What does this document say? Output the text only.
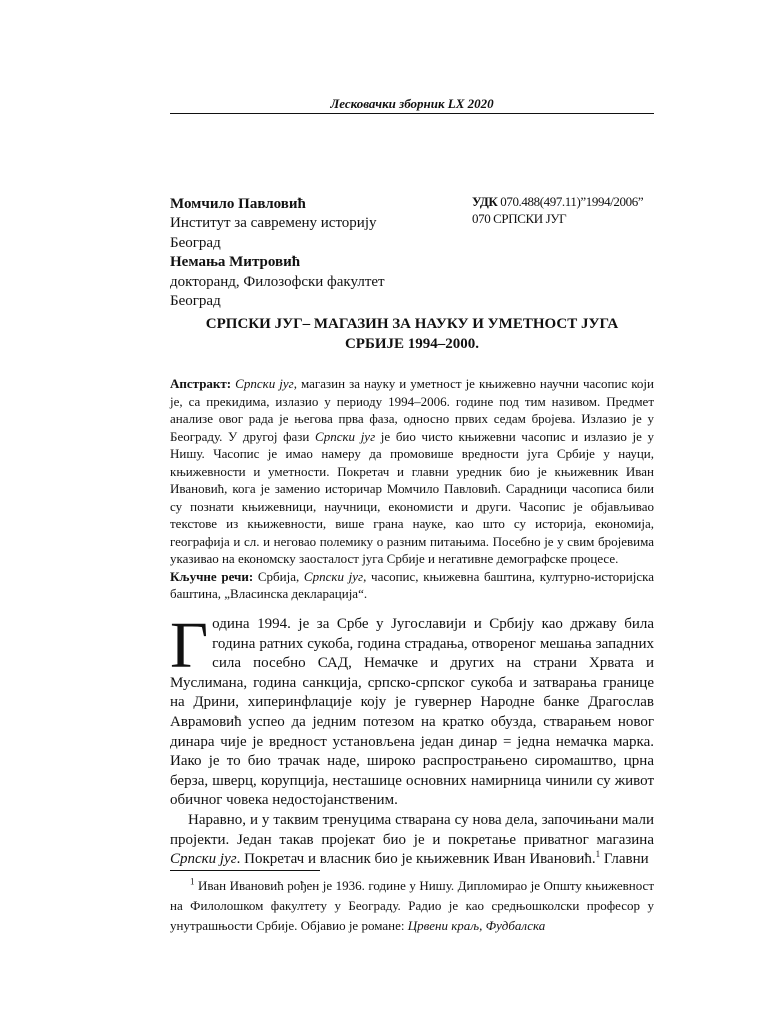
Лесковачки зборник LX 2020
Момчило Павловић
Институт за савремену историју
Београд
Немања Митровић
докторанд, Филозофски факултет
Београд
УДК 070.488(497.11)”1994/2006”
070 СРПСКИ ЈУГ
СРПСКИ ЈУГ– МАГАЗИН ЗА НАУКУ И УМЕТНОСТ ЈУГА
СРБИЈЕ 1994–2000.

Апстракт: Српски југ, магазин за науку и уметност је књижевно научни часопис који је, са прекидима, излазио у периоду 1994–2006. године под тим називом. Предмет анализе овог рада је његова прва фаза, односно првих седам бројева. Излазио је у Београду. У другој фази Српски југ је био чисто књижевни часопис и излазио је у Нишу. Часопис је имао намеру да промовише вредности југа Србије у науци, књижевности и уметности. Покретач и главни уредник био је књижевник Иван Ивановић, кога је заменио историчар Момчило Павловић. Сарадници часописа били су познати књижевници, научници, економисти и други. Часопис је објављивао текстове из књижевности, више грана науке, као што су историја, економија, географија и сл. и неговао полемику о разним питањима. Посебно је у свим бројевима указивао на економску заосталост југа Србије и негативне демографске процесе.

Кључне речи: Србија, Српски југ, часопис, књижевна баштина, културно-историјска баштина, „Власинска декларација“.

Година 1994. је за Србе у Југославији и Србију као државу била година ратних сукоба, година страдања, отвореног мешања западних сила посебно САД, Немачке и других на страни Хрвата и Муслимана, година санкција, српско-српског сукоба и затварања границе на Дрини, хиперинфлације коју је гувернер Народне банке Драгослав Аврамовић успео да једним потезом на кратко обузда, стварањем новог динара чије је вредност установљена један динар = једна немачка марка. Иако је то био трачак наде, широко распрострањено сиромаштво, црна берза, шверц, корупција, несташице основних намирница чинили су живот обичног човека недостојанственим.

Наравно, и у таквим тренуцима стварана су нова дела, започињани мали пројекти. Један такав пројекат био је и покретање приватног магазина Српски југ. Покретач и власник био је књижевник Иван Ивановић.$^1$ Главни

$^1$ Иван Ивановић рођен је 1936. године у Нишу. Дипломирао је Општу књижевност на Филолошком факултету у Београду. Радио је као средњошколски професор у унутрашњости Србије. Објавио је романе: Црвени краљ, Фудбалска
